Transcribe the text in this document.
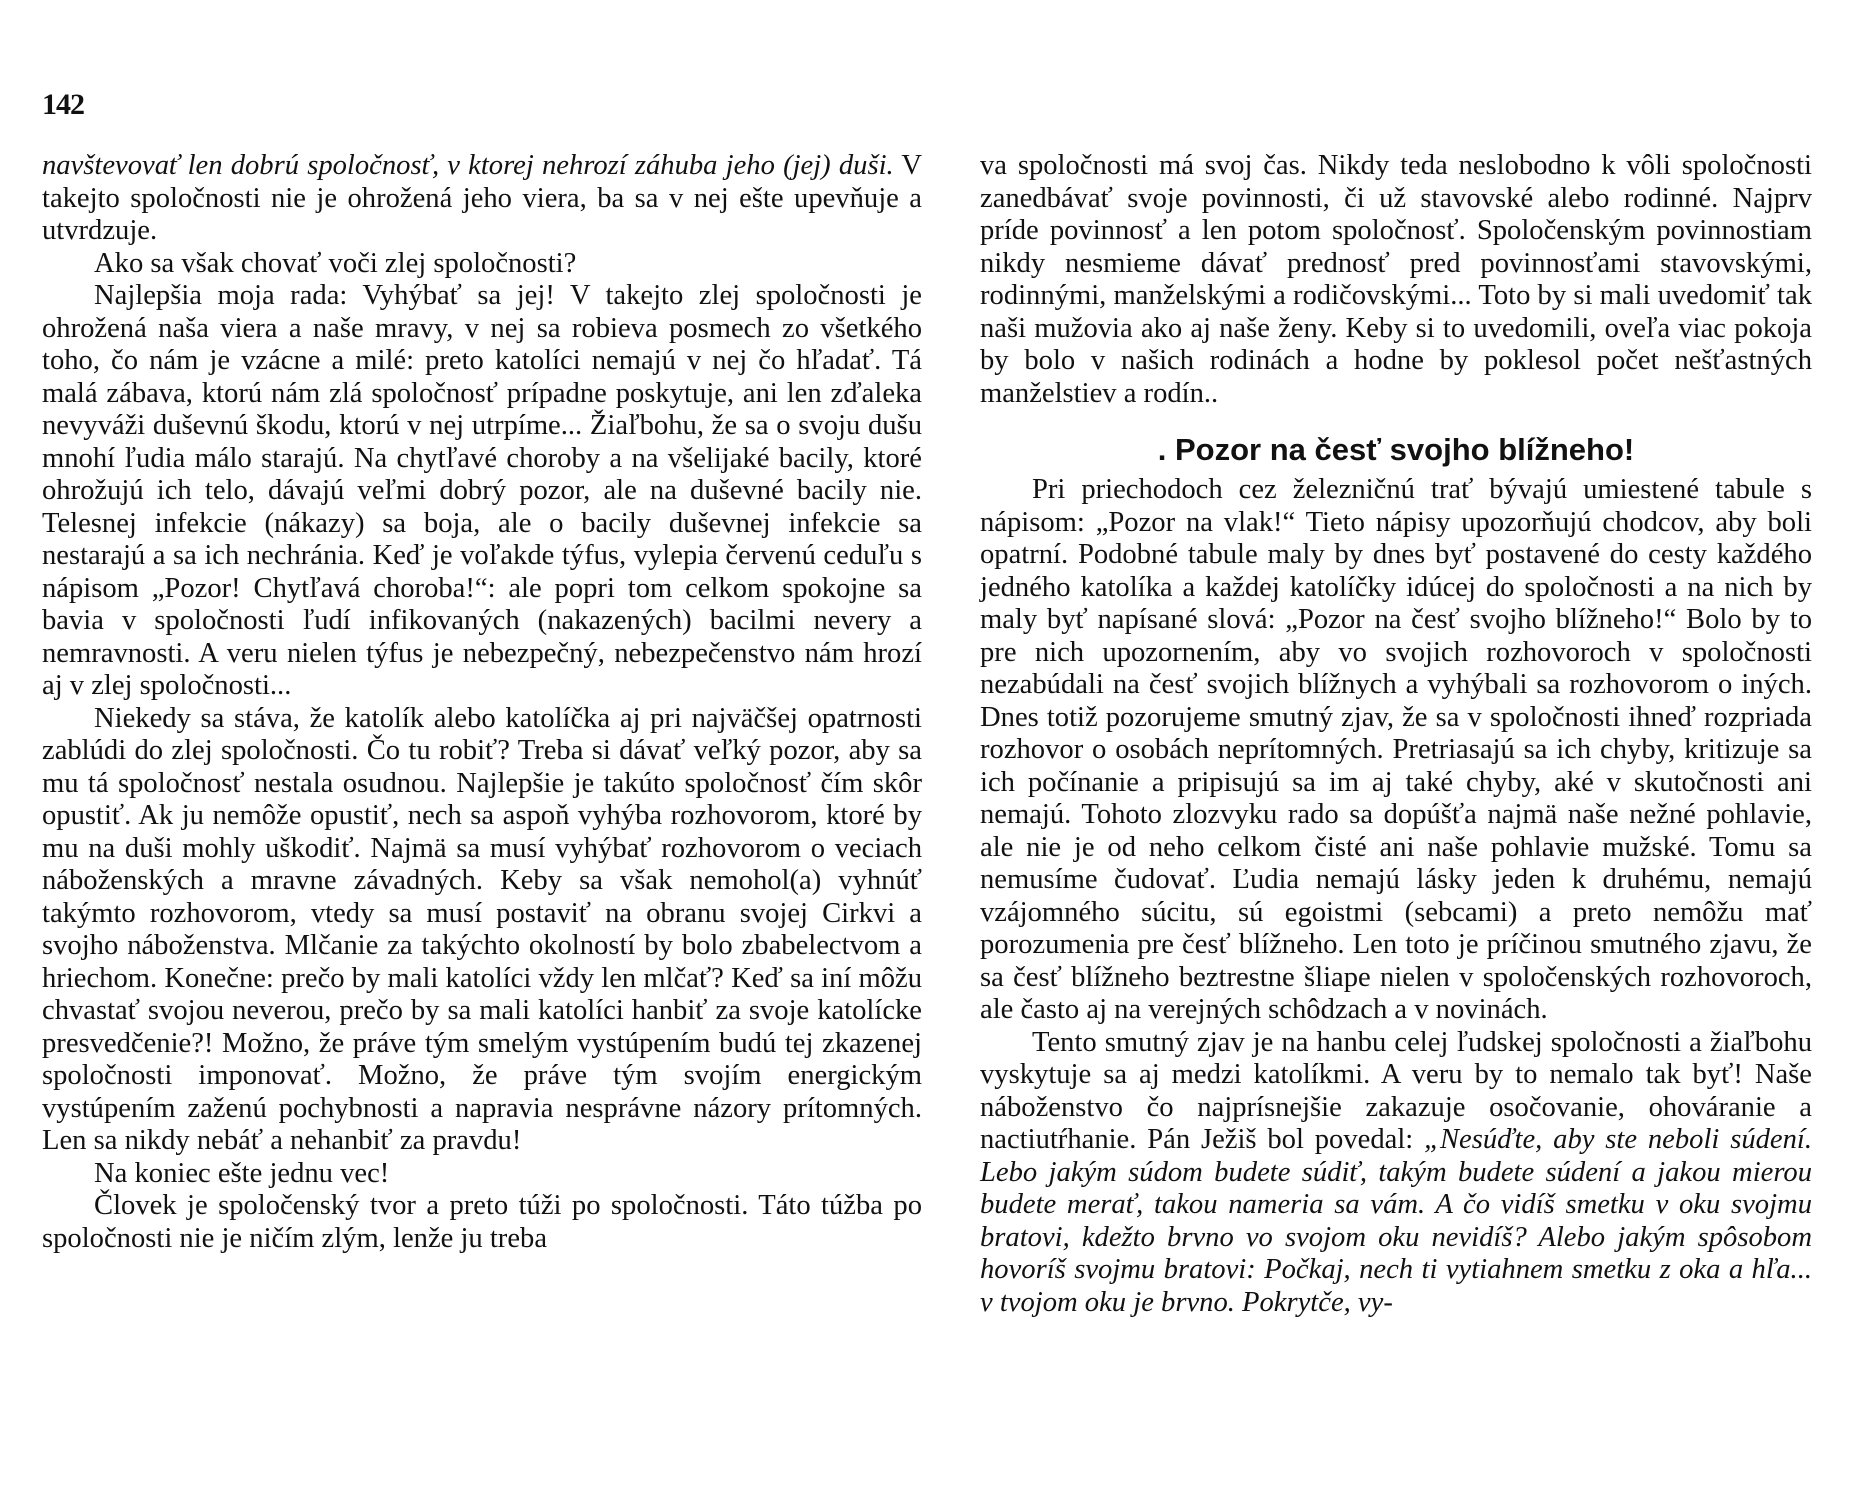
142

navštevovať len dobrú spoločnosť, v ktorej nehrozí záhuba jeho (jej) duši. V takejto spoločnosti nie je ohrožená jeho viera, ba sa v nej ešte upevňuje a utvrdzuje.

Ako sa však chovať voči zlej spoločnosti?

Najlepšia moja rada: Vyhýbať sa jej! V takejto zlej spoločnosti je ohrožená naša viera a naše mravy, v nej sa robieva posmech zo všetkého toho, čo nám je vzácne a milé: preto katolíci nemajú v nej čo hľadať. Tá malá zábava, ktorú nám zlá spoločnosť prípadne poskytuje, ani len zďaleka nevyváži duševnú škodu, ktorú v nej utrpíme... Žiaľbohu, že sa o svoju dušu mnohí ľudia málo starajú. Na chytľavé choroby a na všelijaké bacily, ktoré ohrožujú ich telo, dávajú veľmi dobrý pozor, ale na duševné bacily nie. Telesnej infekcie (nákazy) sa boja, ale o bacily duševnej infekcie sa nestarajú a sa ich nechránia. Keď je voľakde týfus, vylepia červenú ceduľu s nápisom „Pozor! Chytľavá choroba!“: ale popri tom celkom spokojne sa bavia v spoločnosti ľudí infikovaných (nakazených) bacilmi nevery a nemravnosti. A veru nielen týfus je nebezpečný, nebezpečenstvo nám hrozí aj v zlej spoločnosti...

Niekedy sa stáva, že katolík alebo katolíčka aj pri najväčšej opatrnosti zablúdi do zlej spoločnosti. Čo tu robiť? Treba si dávať veľký pozor, aby sa mu tá spoločnosť nestala osudnou. Najlepšie je takúto spoločnosť čím skôr opustiť. Ak ju nemôže opustiť, nech sa aspoň vyhýba rozhovorom, ktoré by mu na duši mohly uškodiť. Najmä sa musí vyhýbať rozhovorom o veciach náboženských a mravne závadných. Keby sa však nemohol(a) vyhnúť takýmto rozhovorom, vtedy sa musí postaviť na obranu svojej Cirkvi a svojho náboženstva. Mlčanie za takýchto okolností by bolo zbabelectvom a hriechom. Konečne: prečo by mali katolíci vždy len mlčať? Keď sa iní môžu chvastať svojou neverou, prečo by sa mali katolíci hanbiť za svoje katolícke presvedčenie?! Možno, že práve tým smelým vystúpením budú tej zkazenej spoločnosti imponovať. Možno, že práve tým svojím energickým vystúpením zaženú pochybnosti a napravia nesprávne názory prítomných. Len sa nikdy nebáť a nehanbiť za pravdu!

Na koniec ešte jednu vec!

Človek je spoločenský tvor a preto túži po spoločnosti. Táto túžba po spoločnosti nie je ničím zlým, lenže ju treba

va spoločnosti má svoj čas. Nikdy teda neslobodno k vôli spoločnosti zanedbávať svoje povinnosti, či už stavovské alebo rodinné. Najprv príde povinnosť a len potom spoločnosť. Spoločenským povinnostiam nikdy nesmieme dávať prednosť pred povinnosťami stavovskými, rodinnými, manželskými a rodičovskými... Toto by si mali uvedomiť tak naši mužovia ako aj naše ženy. Keby si to uvedomili, oveľa viac pokoja by bolo v našich rodinách a hodne by poklesol počet nešťastných manželstiev a rodín..

. Pozor na česť svojho blížneho!

Pri priechodoch cez železničnú trať bývajú umiestené tabule s nápisom: „Pozor na vlak!“ Tieto nápisy upozorňujú chodcov, aby boli opatrní. Podobné tabule maly by dnes byť postavené do cesty každého jedného katolíka a každej katolíčky idúcej do spoločnosti a na nich by maly byť napísané slová: „Pozor na česť svojho blížneho!“ Bolo by to pre nich upozornením, aby vo svojich rozhovoroch v spoločnosti nezabúdali na česť svojich blížnych a vyhýbali sa rozhovorom o iných. Dnes totiž pozorujeme smutný zjav, že sa v spoločnosti ihneď rozpriada rozhovor o osobách neprítomných. Pretriasajú sa ich chyby, kritizuje sa ich počínanie a pripisujú sa im aj také chyby, aké v skutočnosti ani nemajú. Tohoto zlozvyku rado sa dopúšťa najmä naše nežné pohlavie, ale nie je od neho celkom čisté ani naše pohlavie mužské. Tomu sa nemusíme čudovať. Ľudia nemajú lásky jeden k druhému, nemajú vzájomného súcitu, sú egoistmi (sebcami) a preto nemôžu mať porozumenia pre česť blížneho. Len toto je príčinou smutného zjavu, že sa česť blížneho beztrestne šliape nielen v spoločenských rozhovoroch, ale často aj na verejných schôdzach a v novinách.

Tento smutný zjav je na hanbu celej ľudskej spoločnosti a žiaľbohu vyskytuje sa aj medzi katolíkmi. A veru by to nemalo tak byť! Naše náboženstvo čo najprísnejšie zakazuje osočovanie, ohováranie a nactiutŕhanie. Pán Ježiš bol povedal: „Nesúďte, aby ste neboli súdení. Lebo jakým súdom budete súdiť, takým budete súdení a jakou mierou budete merať, takou nameria sa vám. A čo vidíš smetku v oku svojmu bratovi, kdežto brvno vo svojom oku nevidíš? Alebo jakým spôsobom hovoríš svojmu bratovi: Počkaj, nech ti vytiahnem smetku z oka a hľa... v tvojom oku je brvno. Pokrytče, vy-
